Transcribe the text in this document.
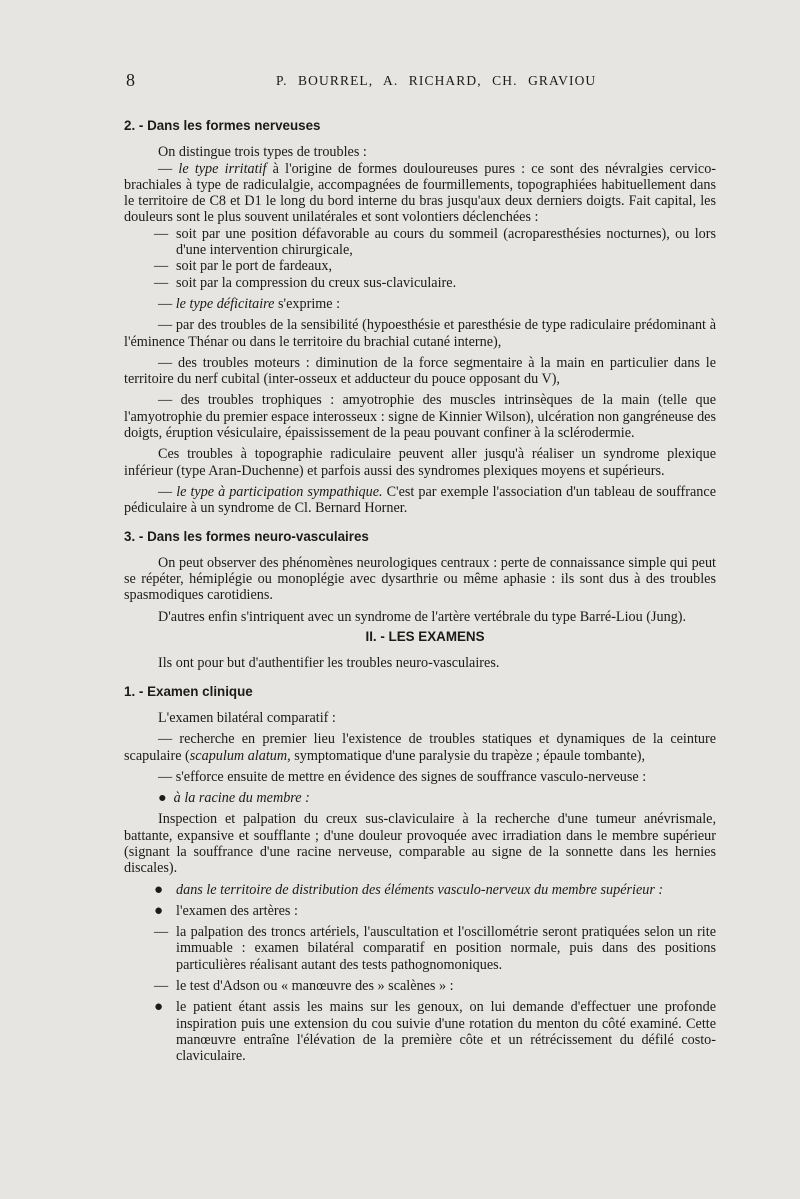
8	P. BOURREL, A. RICHARD, CH. GRAVIOU

2. - Dans les formes nerveuses

On distingue trois types de troubles :

— le type irritatif à l'origine de formes douloureuses pures : ce sont des névralgies cervico-brachiales à type de radiculalgie, accompagnées de fourmillements, topographiées habituellement dans le territoire de C8 et D1 le long du bord interne du bras jusqu'aux deux derniers doigts. Fait capital, les douleurs sont le plus souvent unilatérales et sont volontiers déclenchées :

— soit par une position défavorable au cours du sommeil (acroparesthésies nocturnes), ou lors d'une intervention chirurgicale,

— soit par le port de fardeaux,

— soit par la compression du creux sus-claviculaire.

— le type déficitaire s'exprime :

— par des troubles de la sensibilité (hypoesthésie et paresthésie de type radiculaire prédominant à l'éminence Thénar ou dans le territoire du brachial cutané interne),

— des troubles moteurs : diminution de la force segmentaire à la main en particulier dans le territoire du nerf cubital (inter-osseux et adducteur du pouce opposant du V),

— des troubles trophiques : amyotrophie des muscles intrinsèques de la main (telle que l'amyotrophie du premier espace interosseux : signe de Kinnier Wilson), ulcération non gangréneuse des doigts, éruption vésiculaire, épaississement de la peau pouvant confiner à la sclérodermie.

Ces troubles à topographie radiculaire peuvent aller jusqu'à réaliser un syndrome plexique inférieur (type Aran-Duchenne) et parfois aussi des syndromes plexiques moyens et supérieurs.

— le type à participation sympathique. C'est par exemple l'association d'un tableau de souffrance pédiculaire à un syndrome de Cl. Bernard Horner.

3. - Dans les formes neuro-vasculaires

On peut observer des phénomènes neurologiques centraux : perte de connaissance simple qui peut se répéter, hémiplégie ou monoplégie avec dysarthrie ou même aphasie : ils sont dus à des troubles spasmodiques carotidiens.

D'autres enfin s'intriquent avec un syndrome de l'artère vertébrale du type Barré-Liou (Jung).

II. - LES EXAMENS

Ils ont pour but d'authentifier les troubles neuro-vasculaires.

1. - Examen clinique

L'examen bilatéral comparatif :

— recherche en premier lieu l'existence de troubles statiques et dynamiques de la ceinture scapulaire (scapulum alatum, symptomatique d'une paralysie du trapèze ; épaule tombante),

— s'efforce ensuite de mettre en évidence des signes de souffrance vasculo-nerveuse :

● à la racine du membre :

Inspection et palpation du creux sus-claviculaire à la recherche d'une tumeur anévrismale, battante, expansive et soufflante ; d'une douleur provoquée avec irradiation dans le membre supérieur (signant la souffrance d'une racine nerveuse, comparable au signe de la sonnette dans les hernies discales).

● dans le territoire de distribution des éléments vasculo-nerveux du membre supérieur :

● l'examen des artères :

— la palpation des troncs artériels, l'auscultation et l'oscillométrie seront pratiquées selon un rite immuable : examen bilatéral comparatif en position normale, puis dans des positions particulières réalisant autant des tests pathognomoniques.

— le test d'Adson ou « manœuvre des » scalènes » :

● le patient étant assis les mains sur les genoux, on lui demande d'effectuer une profonde inspiration puis une extension du cou suivie d'une rotation du menton du côté examiné. Cette manœuvre entraîne l'élévation de la première côte et un rétrécissement du défilé costo-claviculaire.
